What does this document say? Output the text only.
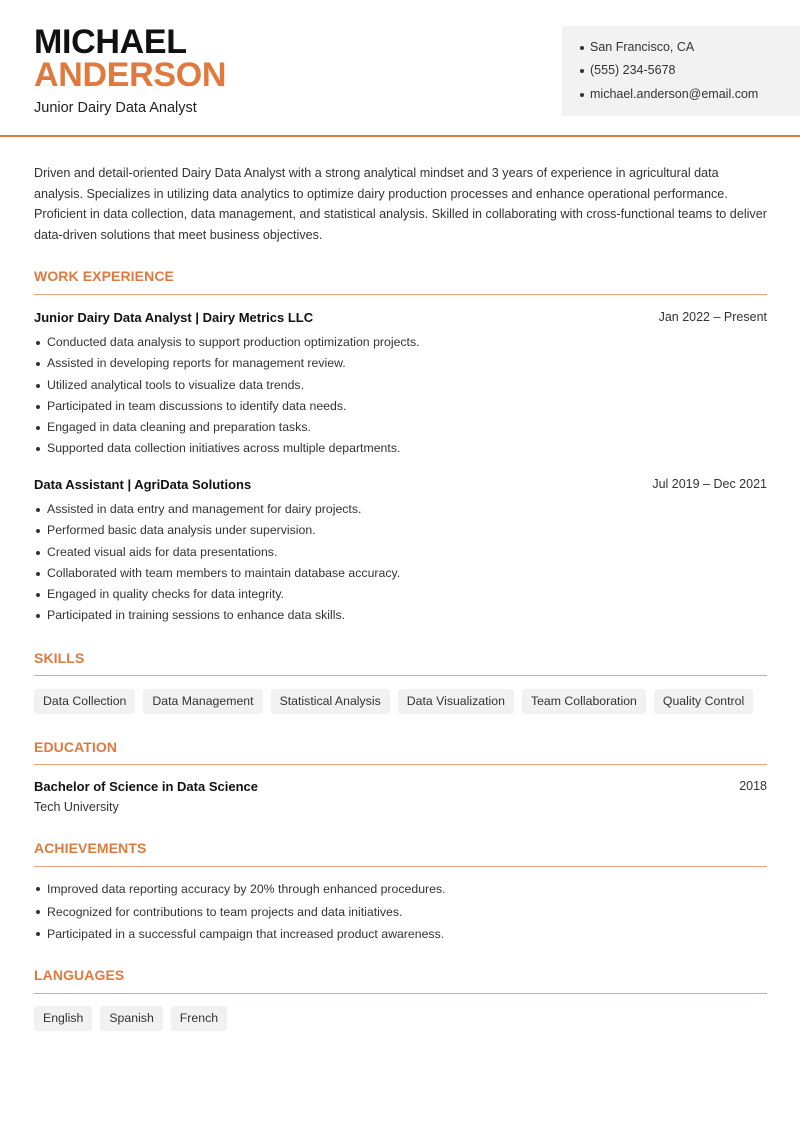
MICHAEL
ANDERSON
Junior Dairy Data Analyst
San Francisco, CA
(555) 234-5678
michael.anderson@email.com
Driven and detail-oriented Dairy Data Analyst with a strong analytical mindset and 3 years of experience in agricultural data analysis. Specializes in utilizing data analytics to optimize dairy production processes and enhance operational performance. Proficient in data collection, data management, and statistical analysis. Skilled in collaborating with cross-functional teams to deliver data-driven solutions that meet business objectives.
WORK EXPERIENCE
Junior Dairy Data Analyst | Dairy Metrics LLC	Jan 2022 – Present
Conducted data analysis to support production optimization projects.
Assisted in developing reports for management review.
Utilized analytical tools to visualize data trends.
Participated in team discussions to identify data needs.
Engaged in data cleaning and preparation tasks.
Supported data collection initiatives across multiple departments.
Data Assistant | AgriData Solutions	Jul 2019 – Dec 2021
Assisted in data entry and management for dairy projects.
Performed basic data analysis under supervision.
Created visual aids for data presentations.
Collaborated with team members to maintain database accuracy.
Engaged in quality checks for data integrity.
Participated in training sessions to enhance data skills.
SKILLS
Data Collection	Data Management	Statistical Analysis	Data Visualization	Team Collaboration	Quality Control
EDUCATION
Bachelor of Science in Data Science	2018
Tech University
ACHIEVEMENTS
Improved data reporting accuracy by 20% through enhanced procedures.
Recognized for contributions to team projects and data initiatives.
Participated in a successful campaign that increased product awareness.
LANGUAGES
English	Spanish	French
